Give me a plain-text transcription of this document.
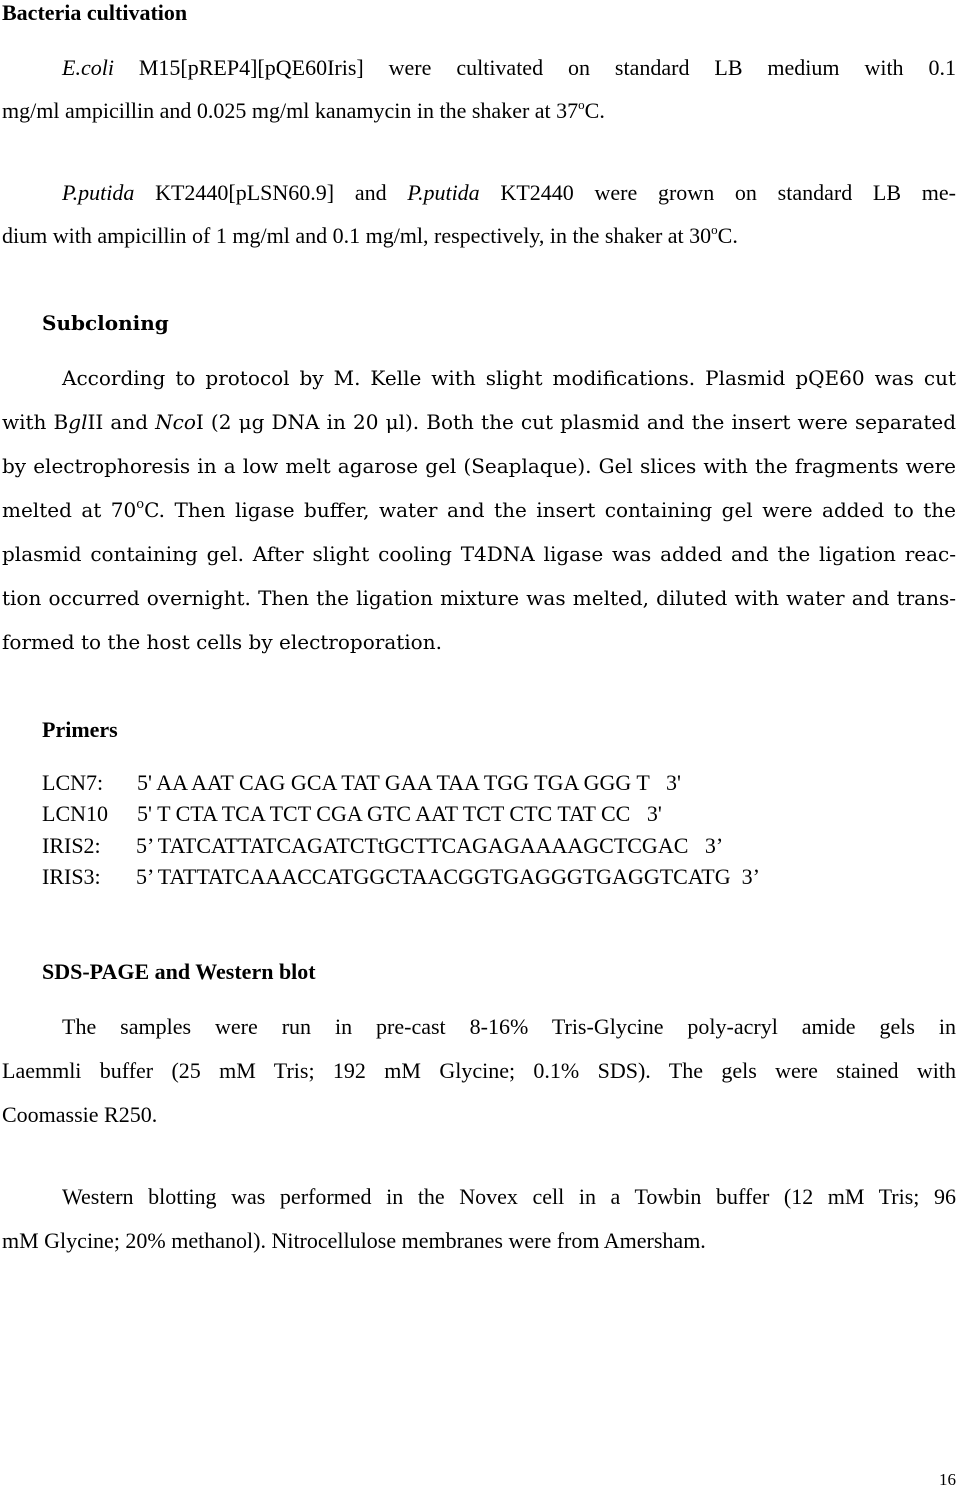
Bacteria cultivation
E.coli M15[pREP4][pQE60Iris] were cultivated on standard LB medium with 0.1
mg/ml ampicillin and 0.025 mg/ml kanamycin in the shaker at 37$^o$C.
P.putida KT2440[pLSN60.9] and P.putida KT2440 were grown on standard LB me-
dium with ampicillin of 1 mg/ml and 0.1 mg/ml, respectively, in the shaker at 30$^o$C.
Subcloning
According to protocol by M. Kelle with slight modifications. Plasmid pQE60 was cut
with BglII and NcoI (2 μg DNA in 20 μl). Both the cut plasmid and the insert were separated
by electrophoresis in a low melt agarose gel (Seaplaque). Gel slices with the fragments were
melted at 70$^o$C. Then ligase buffer, water and the insert containing gel were added to the
plasmid containing gel. After slight cooling T4DNA ligase was added and the ligation reac-
tion occurred overnight. Then the ligation mixture was melted, diluted with water and trans-
formed to the host cells by electroporation.
Primers
LCN7: 5' AA AAT CAG GCA TAT GAA TAA TGG TGA GGG T   3'
LCN10 5' T CTA TCA TCT CGA GTC AAT TCT CTC TAT CC   3'
IRIS2: 5’ TATCATTATCAGATCTtGCTTCAGAGAAAAGCTCGAC   3’
IRIS3: 5’ TATTATCAAACCATGGCTAACGGTGAGGGTGAGGTCATG  3’
SDS-PAGE and Western blot
The samples were run in pre-cast 8-16% Tris-Glycine poly-acryl amide gels in
Laemmli buffer (25 mM Tris; 192 mM Glycine; 0.1% SDS). The gels were stained with
Coomassie R250.
Western blotting was performed in the Novex cell in a Towbin buffer (12 mM Tris; 96
mM Glycine; 20% methanol). Nitrocellulose membranes were from Amersham.
16
